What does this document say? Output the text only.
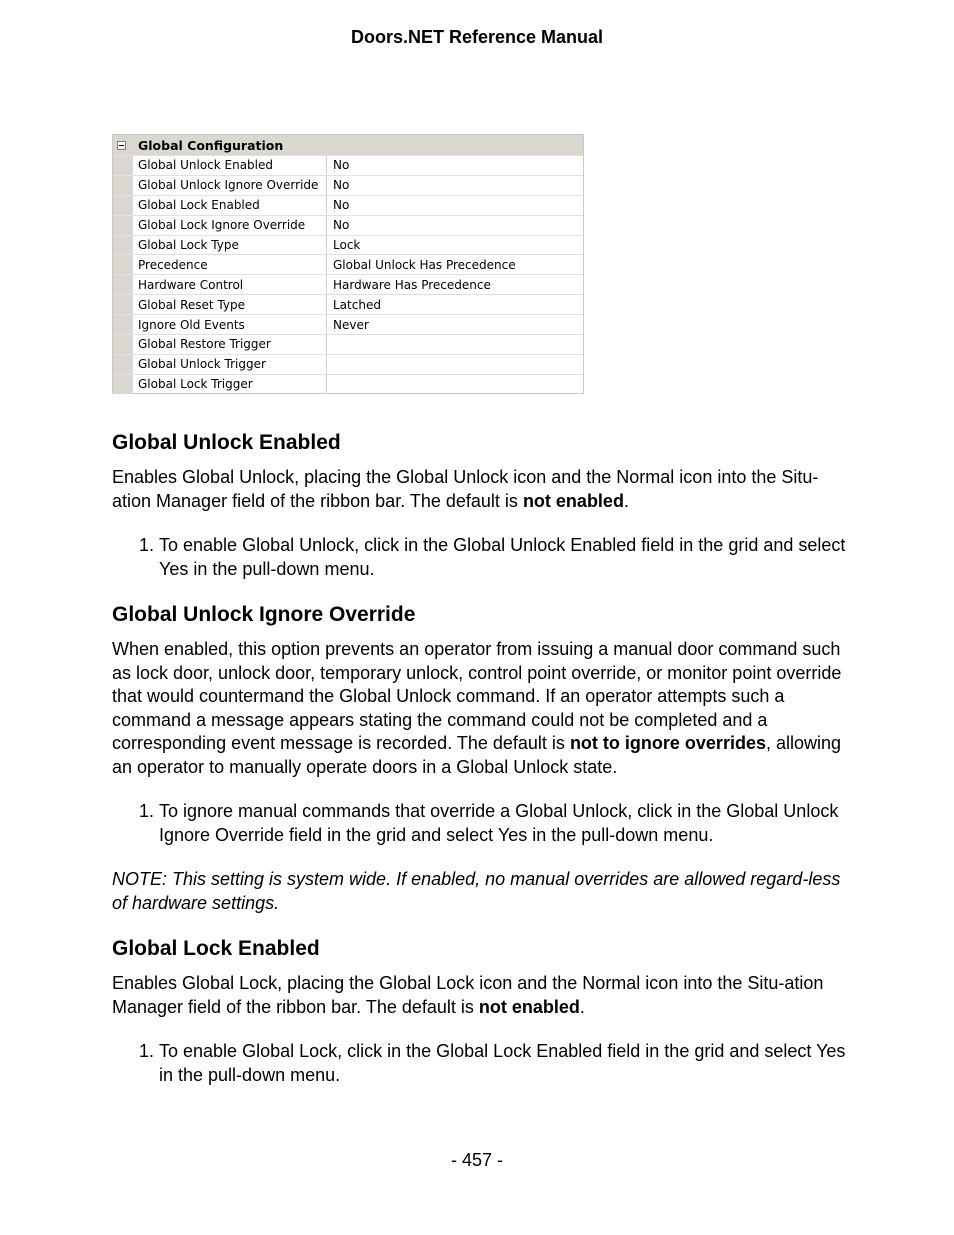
Doors.NET Reference Manual
Global Configuration
Global Unlock Enabled	No
Global Unlock Ignore Override	No
Global Lock Enabled	No
Global Lock Ignore Override	No
Global Lock Type	Lock
Precedence	Global Unlock Has Precedence
Hardware Control	Hardware Has Precedence
Global Reset Type	Latched
Ignore Old Events	Never
Global Restore Trigger
Global Unlock Trigger
Global Lock Trigger
Global Unlock Enabled

Enables Global Unlock, placing the Global Unlock icon and the Normal icon into the Situ-ation Manager field of the ribbon bar. The default is not enabled.

1. To enable Global Unlock, click in the Global Unlock Enabled field in the grid and select Yes in the pull-down menu.
Global Unlock Ignore Override

When enabled, this option prevents an operator from issuing a manual door command such as lock door, unlock door, temporary unlock, control point override, or monitor point override that would countermand the Global Unlock command. If an operator attempts such a command a message appears stating the command could not be completed and a corresponding event message is recorded. The default is not to ignore overrides, allowing an operator to manually operate doors in a Global Unlock state.

1. To ignore manual commands that override a Global Unlock, click in the Global Unlock Ignore Override field in the grid and select Yes in the pull-down menu.

NOTE: This setting is system wide. If enabled, no manual overrides are allowed regard-less of hardware settings.

Global Lock Enabled

Enables Global Lock, placing the Global Lock icon and the Normal icon into the Situ-ation Manager field of the ribbon bar. The default is not enabled.

1. To enable Global Lock, click in the Global Lock Enabled field in the grid and select Yes in the pull-down menu.
- 457 -
